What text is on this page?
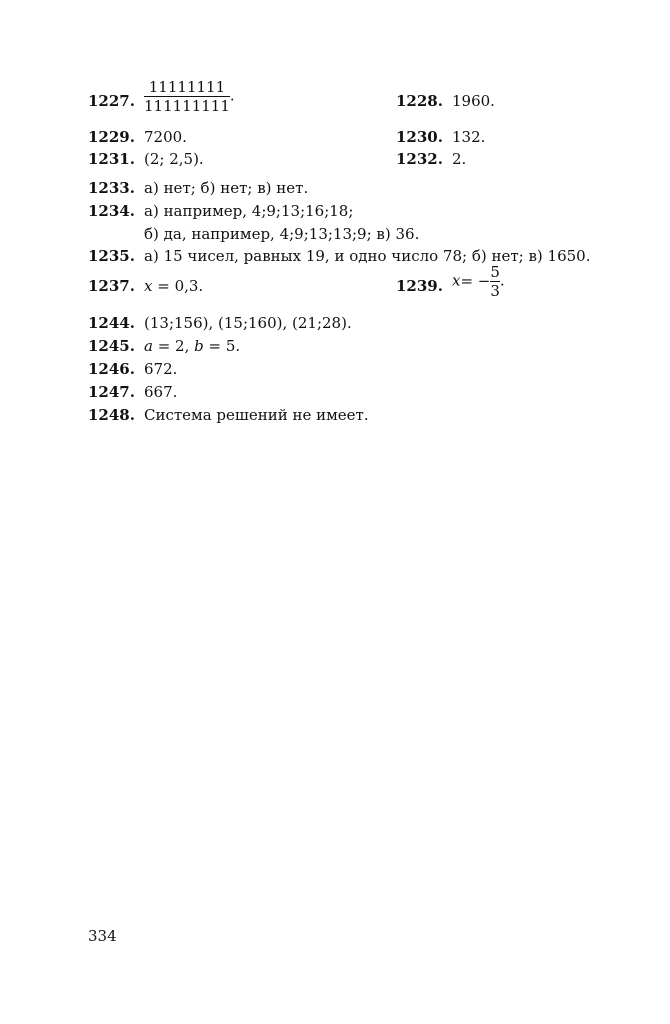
1227. $\frac{11111111}{111111111}$ .	1228. 1960.
1229. 7200.	1230. 132.
1231. (2; 2,5).	1232. 2.
1233. а) нет; б) нет; в) нет.
1234. а) например, 4;9;13;16;18;
б) да, например, 4;9;13;13;9; в) 36.
1235. а) 15 чисел, равных 19, и одно число 78; б) нет; в) 1650.
1237. x = 0,3.	1239. $x= - \frac{5}{3}$ .
1244. (13;156), (15;160), (21;28).
1245. a = 2, b = 5.
1246. 672.
1247. 667.
1248. Система решений не имеет.
334
